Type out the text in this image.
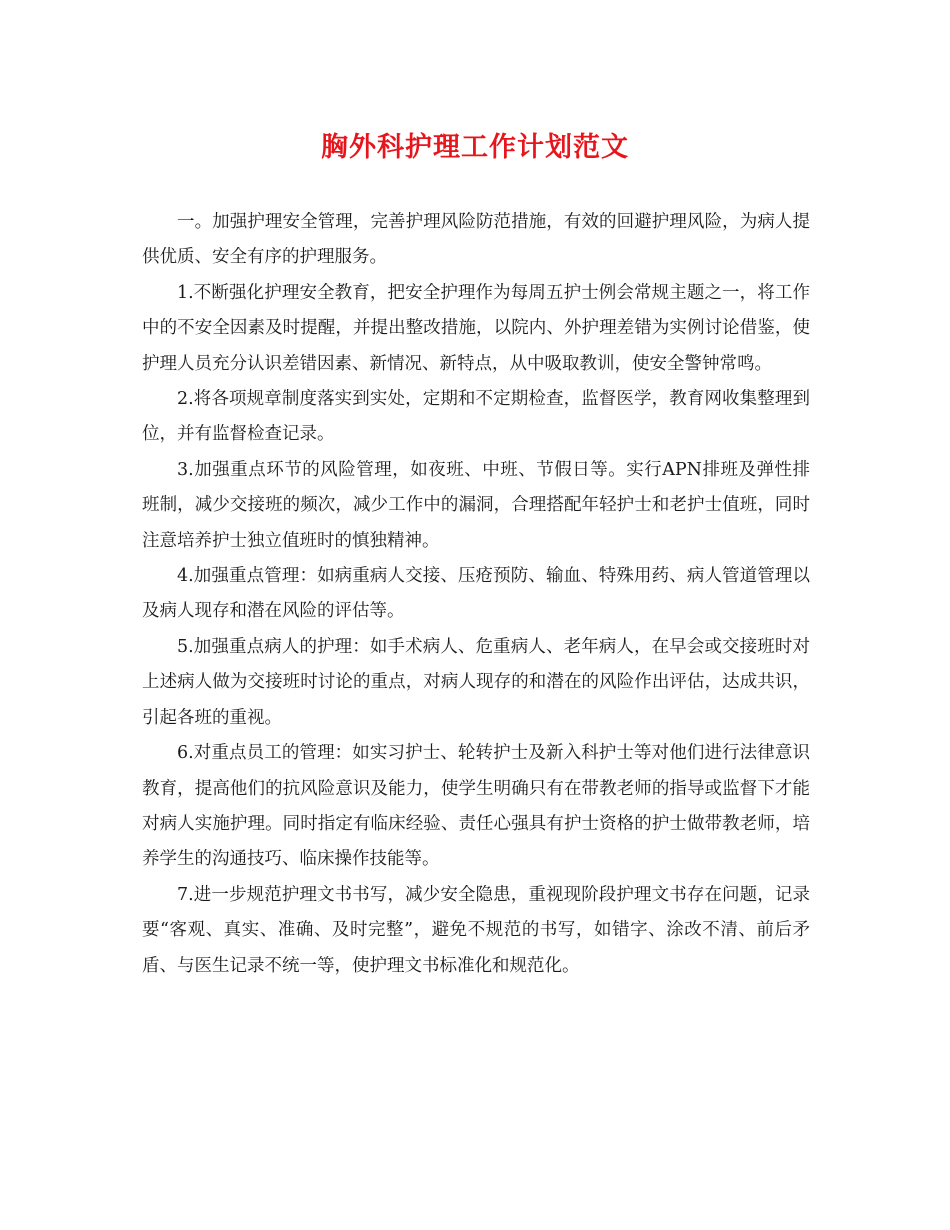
胸外科护理工作计划范文

一。加强护理安全管理，完善护理风险防范措施，有效的回避护理风险，为病人提供优质、安全有序的护理服务。

1.不断强化护理安全教育，把安全护理作为每周五护士例会常规主题之一，将工作中的不安全因素及时提醒，并提出整改措施，以院内、外护理差错为实例讨论借鉴，使护理人员充分认识差错因素、新情况、新特点，从中吸取教训，使安全警钟常鸣。

2.将各项规章制度落实到实处，定期和不定期检查，监督医学，教育网收集整理到位，并有监督检查记录。

3.加强重点环节的风险管理，如夜班、中班、节假日等。实行APN排班及弹性排班制，减少交接班的频次，减少工作中的漏洞，合理搭配年轻护士和老护士值班，同时注意培养护士独立值班时的慎独精神。

4.加强重点管理：如病重病人交接、压疮预防、输血、特殊用药、病人管道管理以及病人现存和潜在风险的评估等。

5.加强重点病人的护理：如手术病人、危重病人、老年病人，在早会或交接班时对上述病人做为交接班时讨论的重点，对病人现存的和潜在的风险作出评估，达成共识，引起各班的重视。

6.对重点员工的管理：如实习护士、轮转护士及新入科护士等对他们进行法律意识教育，提高他们的抗风险意识及能力，使学生明确只有在带教老师的指导或监督下才能对病人实施护理。同时指定有临床经验、责任心强具有护士资格的护士做带教老师，培养学生的沟通技巧、临床操作技能等。

7.进一步规范护理文书书写，减少安全隐患，重视现阶段护理文书存在问题，记录要“客观、真实、准确、及时完整”，避免不规范的书写，如错字、涂改不清、前后矛盾、与医生记录不统一等，使护理文书标准化和规范化。
